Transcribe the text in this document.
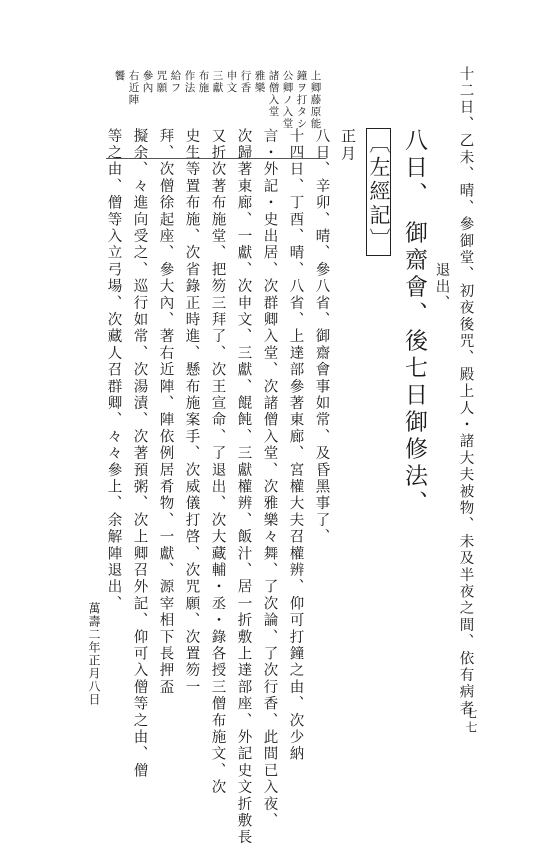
七七
上卿藤原能
鐘ヲ打タシ
公卿ノ入堂
諸僧入堂
雅樂
行香
申文
三獻
布施
作法
給フ
咒願
參內
右近陣
饗	十二日、乙未、晴、參御堂、初夜後咒、殿上人・諸大夫被物、未及半夜之間、依有病者
退出、
八日、 御齋會、後七日御修法、
〔左經記〕
正月
八日、辛卯、晴、參八省、御齋會事如常、及昏黑事了、
十四日、丁酉、晴、八省、上達部參著東廊、宮權大夫召權辨、仰可打鐘之由、次少納
言・外記・史出居、次群卿入堂、次諸僧入堂、次雅樂々舞、了次論、了次行香、此間已入夜、
次歸著東廊、一獻、次申文、三獻、餛飩、三獻權辨、飯汁、居一折敷上達部座、外記史文折敷長
又折次著布施堂、把笏三拜了、次王宣命、了退出、次大藏輔・丞・錄各授三僧布施文、次
史生等置布施、次省錄正時進、懸布施案手、次威儀打啓、次咒願、次置笏一
拜、次僧徐起座、參大內、著右近陣、陣依例居肴物、一獻、源宰相下長押盃
擬余、々進向受之、巡行如常、次湯漬、次著預粥、次上卿召外記、仰可入僧等之由、僧
等之由、僧等入立弓場、次藏人召群卿、々々參上、余解陣退出、
萬壽二年正月八日
